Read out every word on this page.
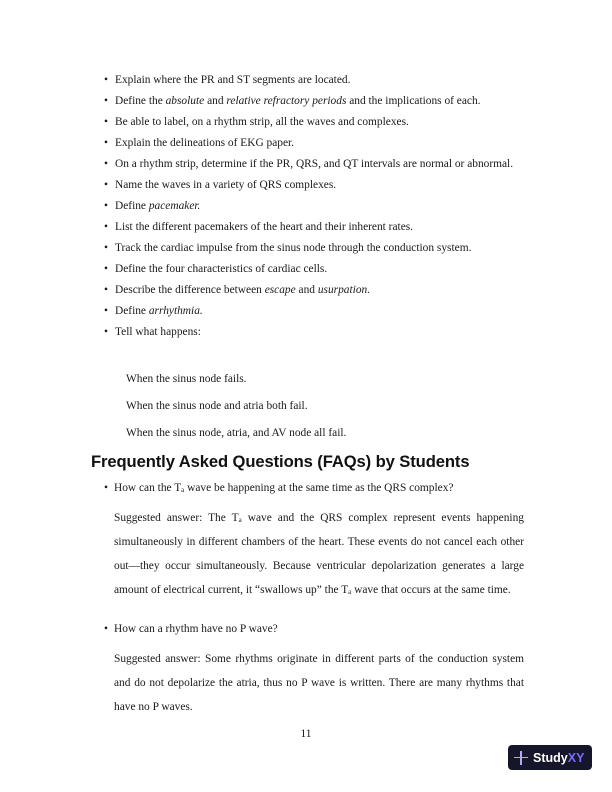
• Explain where the PR and ST segments are located.
• Define the absolute and relative refractory periods and the implications of each.
• Be able to label, on a rhythm strip, all the waves and complexes.
• Explain the delineations of EKG paper.
• On a rhythm strip, determine if the PR, QRS, and QT intervals are normal or abnormal.
• Name the waves in a variety of QRS complexes.
• Define pacemaker.
• List the different pacemakers of the heart and their inherent rates.
• Track the cardiac impulse from the sinus node through the conduction system.
• Define the four characteristics of cardiac cells.
• Describe the difference between escape and usurpation.
• Define arrhythmia.
• Tell what happens:
When the sinus node fails.
When the sinus node and atria both fail.
When the sinus node, atria, and AV node all fail.
Frequently Asked Questions (FAQs) by Students
• How can the $T_a$ wave be happening at the same time as the QRS complex?
Suggested answer: The $T_a$ wave and the QRS complex represent events happening simultaneously in different chambers of the heart. These events do not cancel each other out—they occur simultaneously. Because ventricular depolarization generates a large amount of electrical current, it “swallows up” the $T_a$ wave that occurs at the same time.
• How can a rhythm have no P wave?
Suggested answer: Some rhythms originate in different parts of the conduction system and do not depolarize the atria, thus no P wave is written. There are many rhythms that have no P waves.
11
Study XY
